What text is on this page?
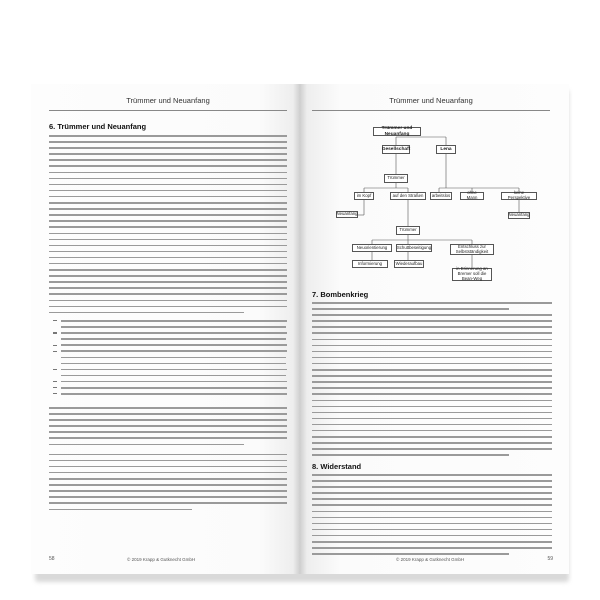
Trümmer und Neuanfang
6. Trümmer und Neuanfang
58	© 2019 Krapp & Gutknecht GmbH
Trümmer und Neuanfang
Trümmer und Neuanfang
Gesellschaft	Lena
Trümmer
im Kopf	auf den Straßen	arbeitslos	ohne Mann
keine Perspektive
Neuanfang	Neuanfang
Trümmer
Neuorientierung	Schuttbeseitigung	Entschluss zur Selbstständigkeit
Informierung	Wiederaufbau
in Erinnerung an Bremer soll die Bean-Weg
7. Bombenkrieg
8. Widerstand
© 2019 Krapp & Gutknecht GmbH	59
